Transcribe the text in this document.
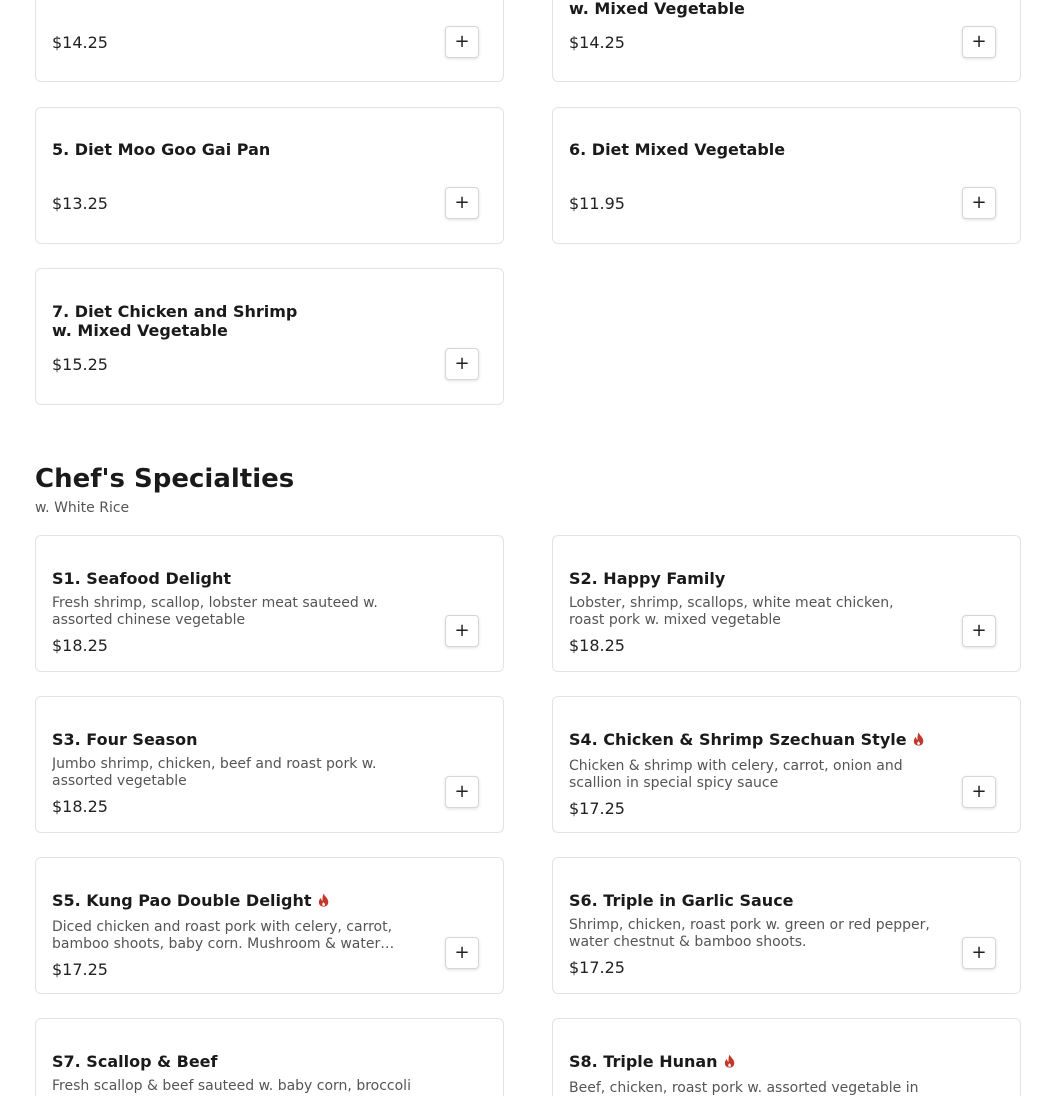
$14.25	+
w. Mixed Vegetable
$14.25	+
5. Diet Moo Goo Gai Pan
$13.25	+
6. Diet Mixed Vegetable
$11.95	+
7. Diet Chicken and Shrimp
w. Mixed Vegetable
$15.25	+
Chef's Specialties
w. White Rice
S1. Seafood Delight
Fresh shrimp, scallop, lobster meat sauteed w. assorted chinese vegetable
$18.25
+
S2. Happy Family
Lobster, shrimp, scallops, white meat chicken, roast pork w. mixed vegetable
$18.25
+
S3. Four Season
Jumbo shrimp, chicken, beef and roast pork w. assorted vegetable
$18.25
+
S4. Chicken & Shrimp Szechuan Style
Chicken & shrimp with celery, carrot, onion and scallion in special spicy sauce
$17.25
+
S5. Kung Pao Double Delight
Diced chicken and roast pork with celery, carrot, bamboo shoots, baby corn. Mushroom & water
$17.25
+
S6. Triple in Garlic Sauce
Shrimp, chicken, roast pork w. green or red pepper, water chestnut & bamboo shoots.
$17.25
+
S7. Scallop & Beef
Fresh scallop & beef sauteed w. baby corn, broccoli
S8. Triple Hunan
Beef, chicken, roast pork w. assorted vegetable in
